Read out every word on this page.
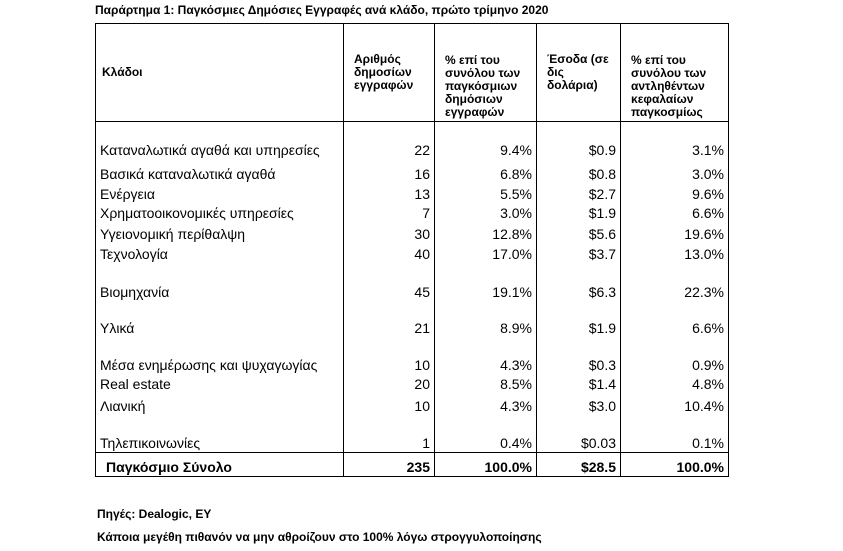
Παράρτημα 1: Παγκόσμιες Δημόσιες Εγγραφές ανά κλάδο, πρώτο τρίμηνο 2020
Κλάδοι	Αριθμός δημοσίων εγγραφών	% επί του συνόλου των παγκόσμιων δημόσιων εγγραφών	Έσοδα (σε δις δολάρια)	% επί του συνόλου των αντληθέντων κεφαλαίων παγκοσμίως
Καταναλωτικά αγαθά και υπηρεσίες	22	9.4%	$0.9	3.1%
Βασικά καταναλωτικά αγαθά	16	6.8%	$0.8	3.0%
Ενέργεια	13	5.5%	$2.7	9.6%
Χρηματοοικονομικές υπηρεσίες	7	3.0%	$1.9	6.6%
Υγειονομική περίθαλψη	30	12.8%	$5.6	19.6%
Τεχνολογία	40	17.0%	$3.7	13.0%
Βιομηχανία	45	19.1%	$6.3	22.3%
Υλικά	21	8.9%	$1.9	6.6%
Μέσα ενημέρωσης και ψυχαγωγίας	10	4.3%	$0.3	0.9%
Real estate	20	8.5%	$1.4	4.8%
Λιανική	10	4.3%	$3.0	10.4%
Τηλεπικοινωνίες	1	0.4%	$0.03	0.1%
Παγκόσμιο Σύνολο	235	100.0%	$28.5	100.0%
Πηγές: Dealogic, EY
Κάποια μεγέθη πιθανόν να μην αθροίζουν στο 100% λόγω στρογγυλοποίησης
